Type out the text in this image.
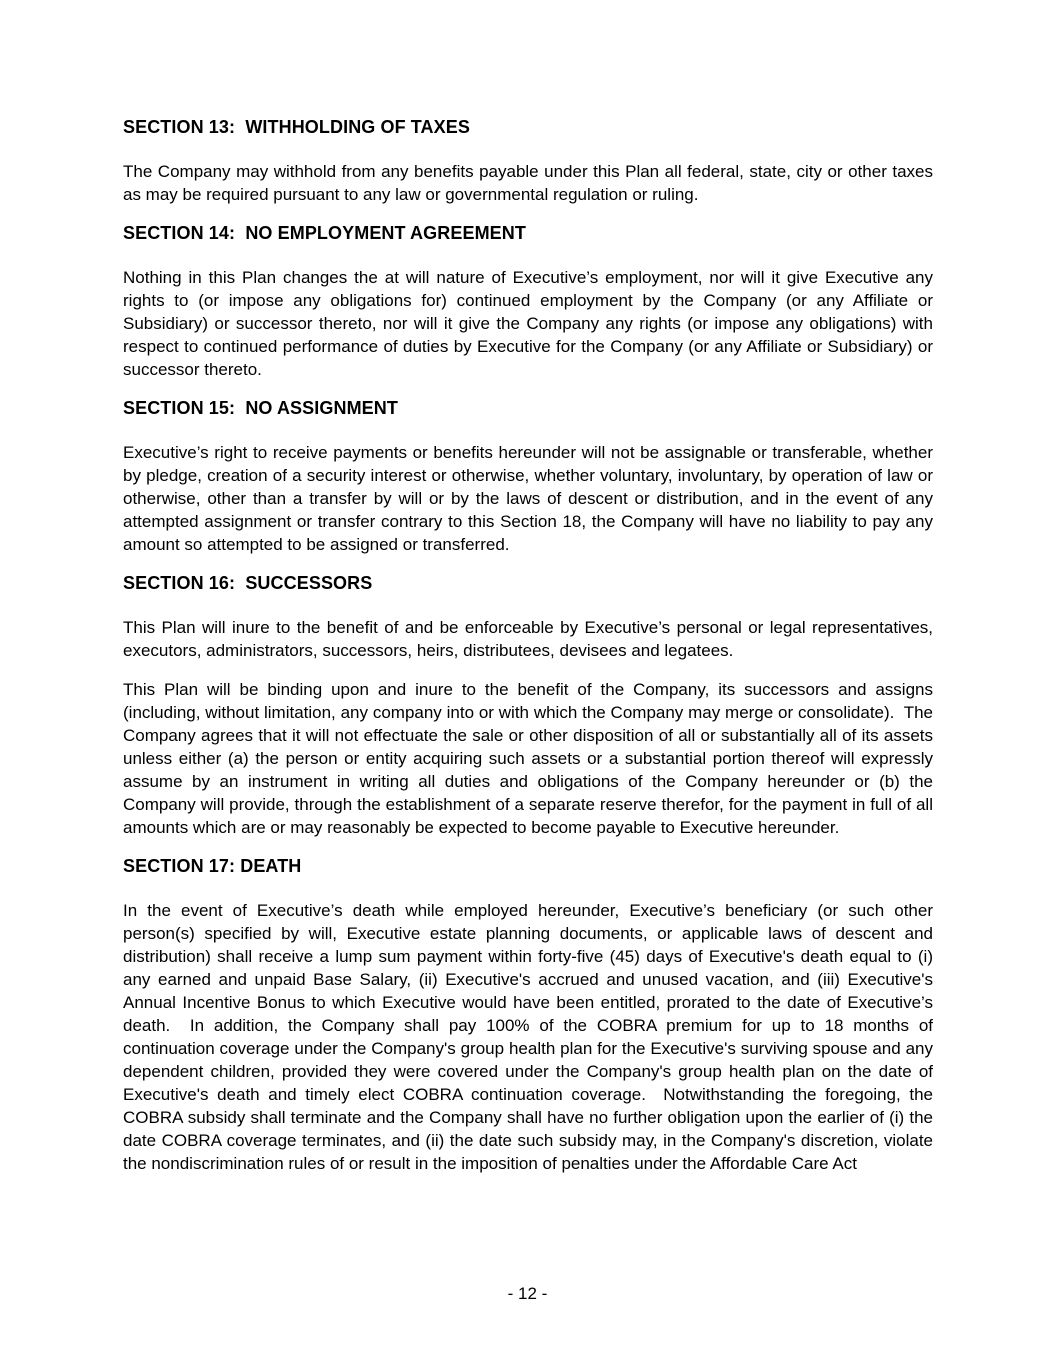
SECTION 13:  WITHHOLDING OF TAXES

The Company may withhold from any benefits payable under this Plan all federal, state, city or other taxes as may be required pursuant to any law or governmental regulation or ruling.

SECTION 14:  NO EMPLOYMENT AGREEMENT

Nothing in this Plan changes the at will nature of Executive’s employment, nor will it give Executive any rights to (or impose any obligations for) continued employment by the Company (or any Affiliate or Subsidiary) or successor thereto, nor will it give the Company any rights (or impose any obligations) with respect to continued performance of duties by Executive for the Company (or any Affiliate or Subsidiary) or successor thereto.

SECTION 15:  NO ASSIGNMENT

Executive’s right to receive payments or benefits hereunder will not be assignable or transferable, whether by pledge, creation of a security interest or otherwise, whether voluntary, involuntary, by operation of law or otherwise, other than a transfer by will or by the laws of descent or distribution, and in the event of any attempted assignment or transfer contrary to this Section 18, the Company will have no liability to pay any amount so attempted to be assigned or transferred.

SECTION 16:  SUCCESSORS

This Plan will inure to the benefit of and be enforceable by Executive’s personal or legal representatives, executors, administrators, successors, heirs, distributees, devisees and legatees.

This Plan will be binding upon and inure to the benefit of the Company, its successors and assigns (including, without limitation, any company into or with which the Company may merge or consolidate).  The Company agrees that it will not effectuate the sale or other disposition of all or substantially all of its assets unless either (a) the person or entity acquiring such assets or a substantial portion thereof will expressly assume by an instrument in writing all duties and obligations of the Company hereunder or (b) the Company will provide, through the establishment of a separate reserve therefor, for the payment in full of all amounts which are or may reasonably be expected to become payable to Executive hereunder.

SECTION 17: DEATH

In the event of Executive’s death while employed hereunder, Executive’s beneficiary (or such other person(s) specified by will, Executive estate planning documents, or applicable laws of descent and distribution) shall receive a lump sum payment within forty-five (45) days of Executive's death equal to (i) any earned and unpaid Base Salary, (ii) Executive's accrued and unused vacation, and (iii) Executive's Annual Incentive Bonus to which Executive would have been entitled, prorated to the date of Executive’s death.  In addition, the Company shall pay 100% of the COBRA premium for up to 18 months of continuation coverage under the Company's group health plan for the Executive's surviving spouse and any dependent children, provided they were covered under the Company's group health plan on the date of Executive's death and timely elect COBRA continuation coverage.  Notwithstanding the foregoing, the COBRA subsidy shall terminate and the Company shall have no further obligation upon the earlier of (i) the date COBRA coverage terminates, and (ii) the date such subsidy may, in the Company's discretion, violate the nondiscrimination rules of or result in the imposition of penalties under the Affordable Care Act

- 12 -
